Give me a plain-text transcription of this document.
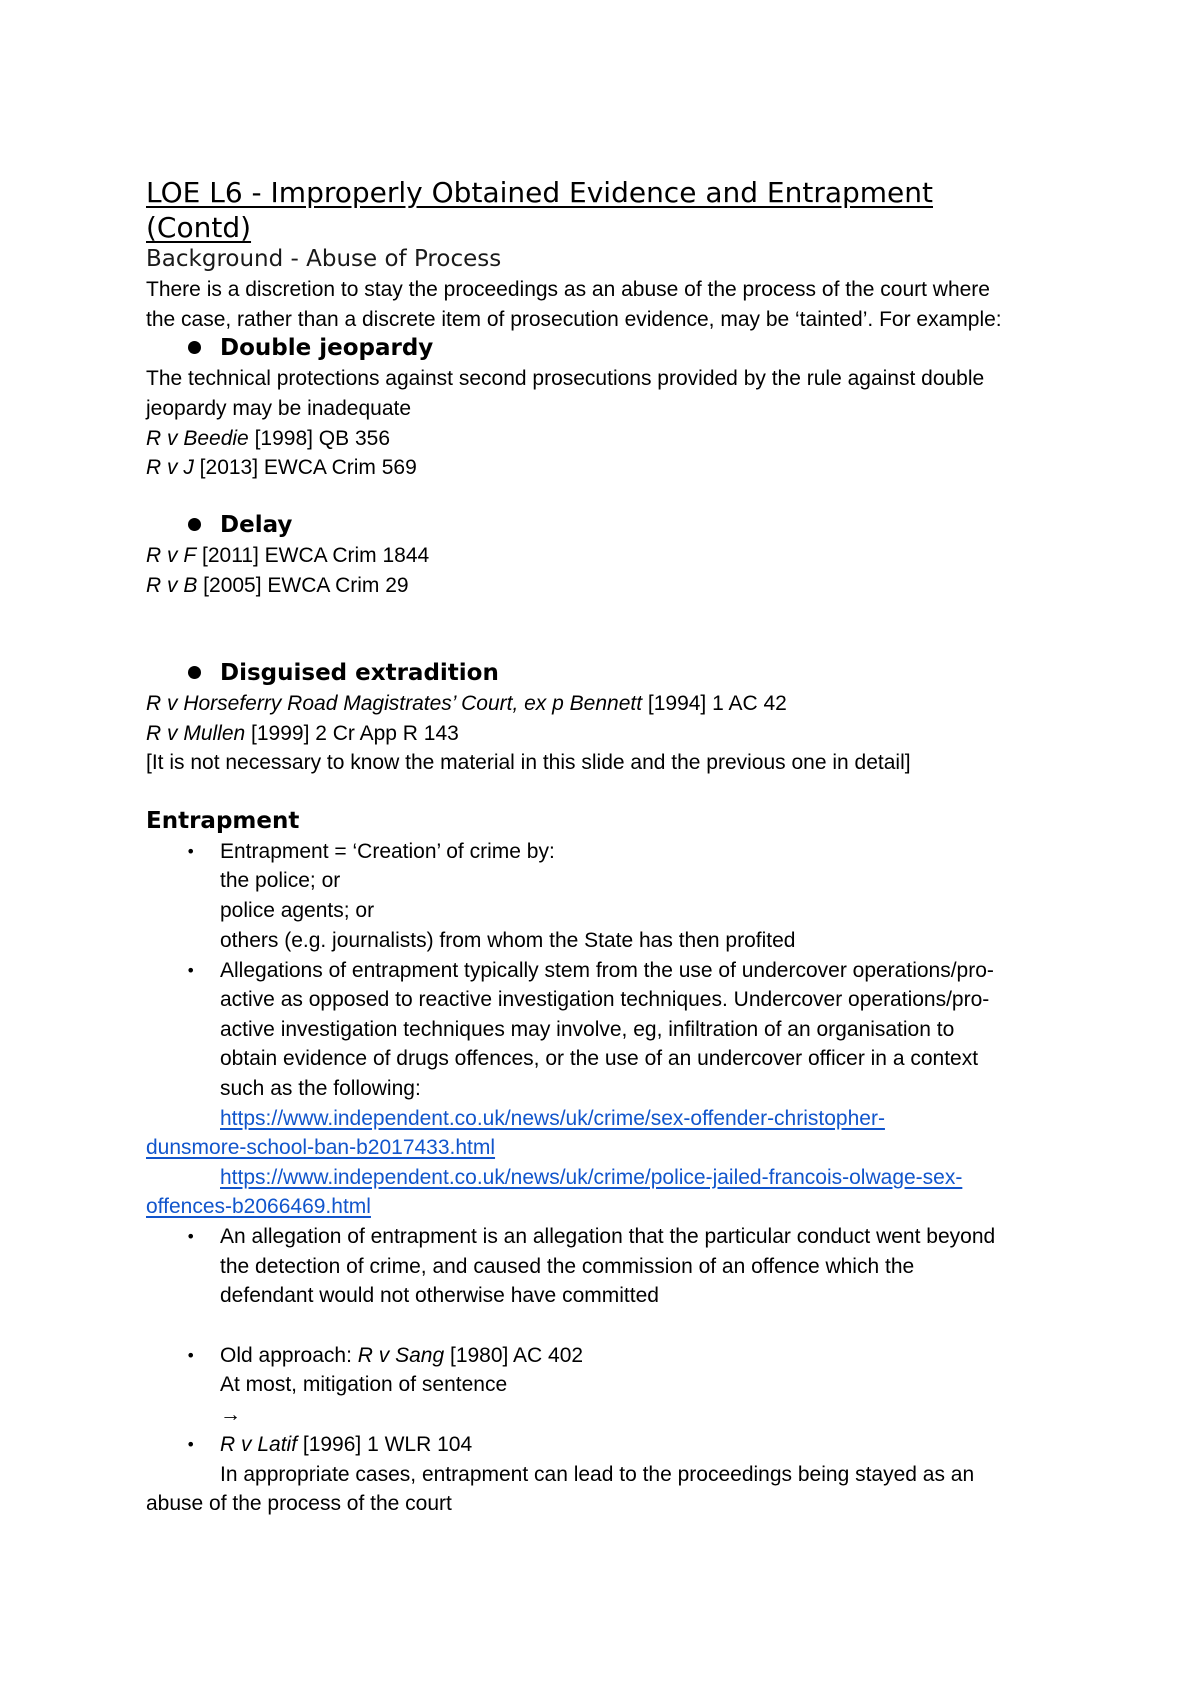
LOE L6 - Improperly Obtained Evidence and Entrapment
(Contd)
Background - Abuse of Process
There is a discretion to stay the proceedings as an abuse of the process of the court where
the case, rather than a discrete item of prosecution evidence, may be ‘tainted’. For example:
Double jeopardy
The technical protections against second prosecutions provided by the rule against double
jeopardy may be inadequate
R v Beedie [1998] QB 356
R v J [2013] EWCA Crim 569
Delay
R v F [2011] EWCA Crim 1844
R v B [2005] EWCA Crim 29
Disguised extradition
R v Horseferry Road Magistrates’ Court, ex p Bennett [1994] 1 AC 42
R v Mullen [1999] 2 Cr App R 143
[It is not necessary to know the material in this slide and the previous one in detail]
Entrapment
• Entrapment = ‘Creation’ of crime by:
the police; or
police agents; or
others (e.g. journalists) from whom the State has then profited
• Allegations of entrapment typically stem from the use of undercover operations/pro-
active as opposed to reactive investigation techniques. Undercover operations/pro-
active investigation techniques may involve, eg, infiltration of an organisation to
obtain evidence of drugs offences, or the use of an undercover officer in a context
such as the following:
https://www.independent.co.uk/news/uk/crime/sex-offender-christopher-
dunsmore-school-ban-b2017433.html
https://www.independent.co.uk/news/uk/crime/police-jailed-francois-olwage-sex-
offences-b2066469.html
• An allegation of entrapment is an allegation that the particular conduct went beyond
the detection of crime, and caused the commission of an offence which the
defendant would not otherwise have committed
• Old approach: R v Sang [1980] AC 402
At most, mitigation of sentence
→
• R v Latif [1996] 1 WLR 104
In appropriate cases, entrapment can lead to the proceedings being stayed as an
abuse of the process of the court
